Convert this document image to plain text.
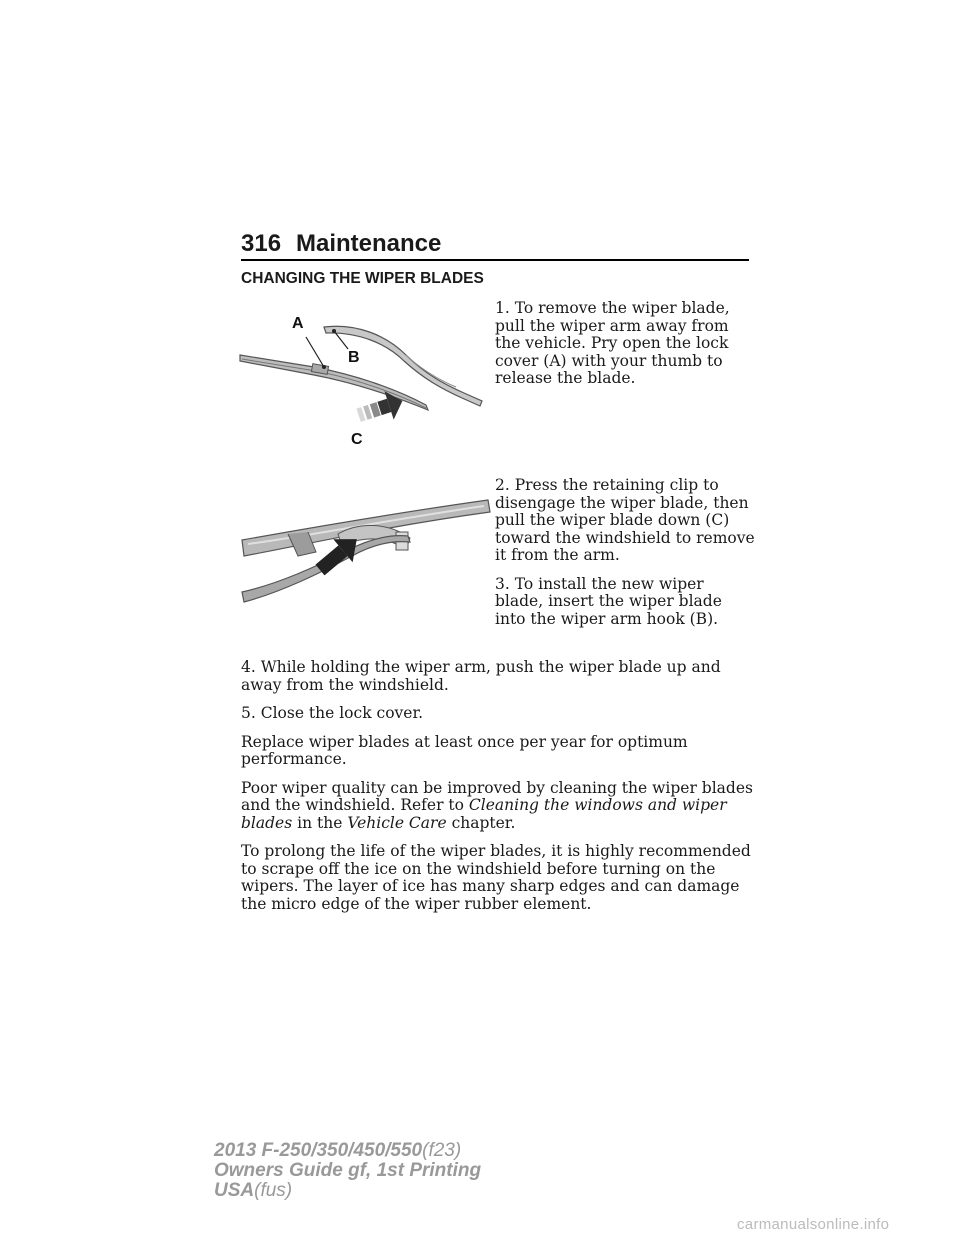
316 Maintenance
CHANGING THE WIPER BLADES
A
B
C

1. To remove the wiper blade, pull the wiper arm away from the vehicle. Pry open the lock cover (A) with your thumb to release the blade.

2. Press the retaining clip to disengage the wiper blade, then pull the wiper blade down (C) toward the windshield to remove it from the arm.

3. To install the new wiper blade, insert the wiper blade into the wiper arm hook (B).

4. While holding the wiper arm, push the wiper blade up and away from the windshield.

5. Close the lock cover.

Replace wiper blades at least once per year for optimum performance.

Poor wiper quality can be improved by cleaning the wiper blades and the windshield. Refer to Cleaning the windows and wiper blades in the Vehicle Care chapter.

To prolong the life of the wiper blades, it is highly recommended to scrape off the ice on the windshield before turning on the wipers. The layer of ice has many sharp edges and can damage the micro edge of the wiper rubber element.

2013 F-250/350/450/550(f23)
Owners Guide gf, 1st Printing
USA(fus)
carmanualsonline.info
